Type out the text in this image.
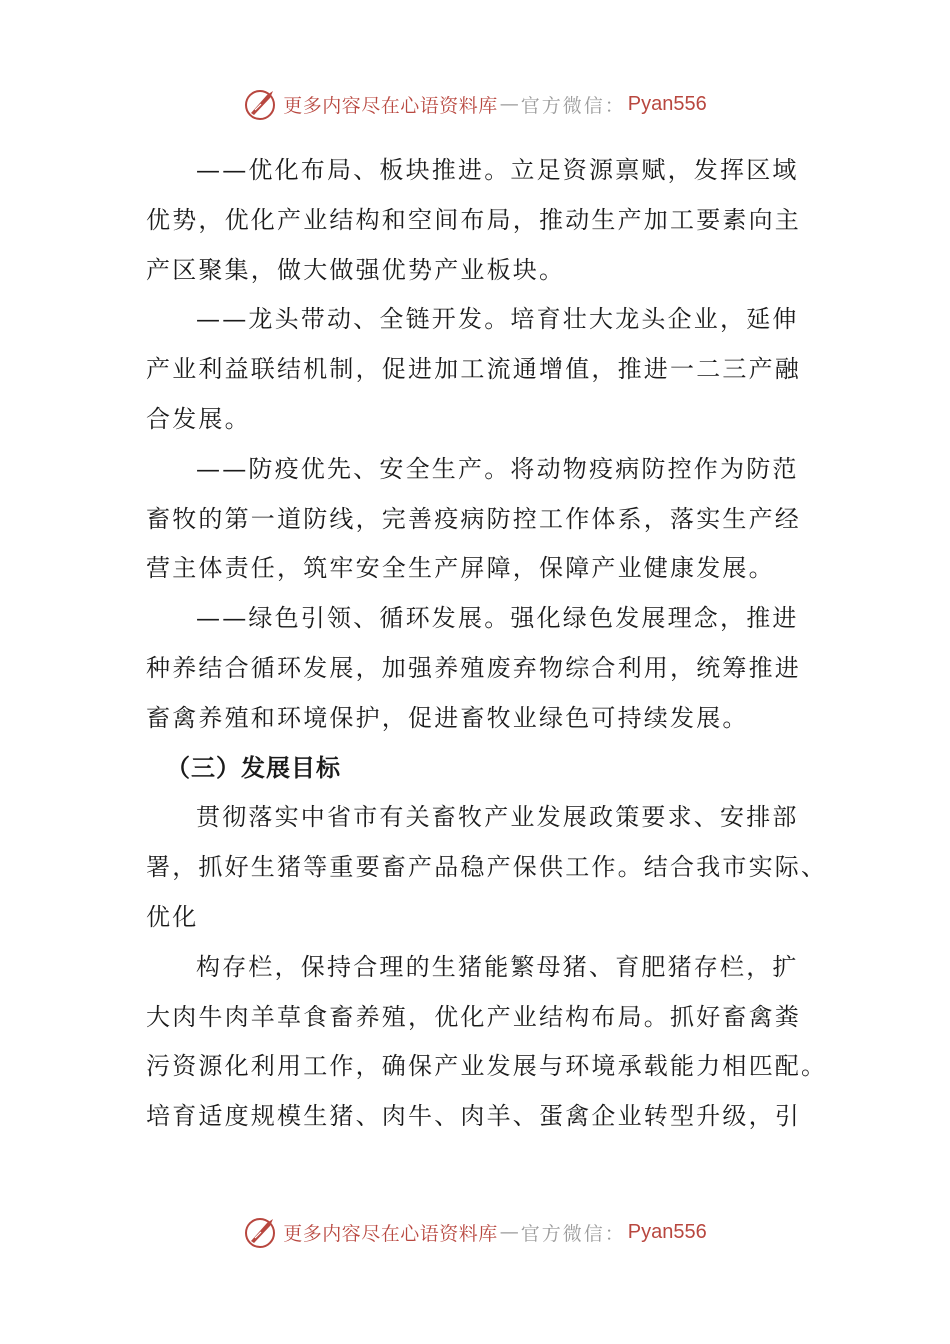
更多内容尽在心语资料库 — 官方微信： Pyan556
——优化布局、板块推进。立足资源禀赋，发挥区域
优势，优化产业结构和空间布局，推动生产加工要素向主
产区聚集，做大做强优势产业板块。
——龙头带动、全链开发。培育壮大龙头企业，延伸
产业利益联结机制，促进加工流通增值，推进一二三产融
合发展。
——防疫优先、安全生产。将动物疫病防控作为防范
畜牧的第一道防线，完善疫病防控工作体系，落实生产经
营主体责任，筑牢安全生产屏障，保障产业健康发展。
——绿色引领、循环发展。强化绿色发展理念，推进
种养结合循环发展，加强养殖废弃物综合利用，统筹推进
畜禽养殖和环境保护，促进畜牧业绿色可持续发展。
（三）发展目标
贯彻落实中省市有关畜牧产业发展政策要求、安排部
署，抓好生猪等重要畜产品稳产保供工作。结合我市实际、
优化
构存栏，保持合理的生猪能繁母猪、育肥猪存栏，扩
大肉牛肉羊草食畜养殖，优化产业结构布局。抓好畜禽粪
污资源化利用工作，确保产业发展与环境承载能力相匹配。
培育适度规模生猪、肉牛、肉羊、蛋禽企业转型升级，引
更多内容尽在心语资料库 — 官方微信： Pyan556
